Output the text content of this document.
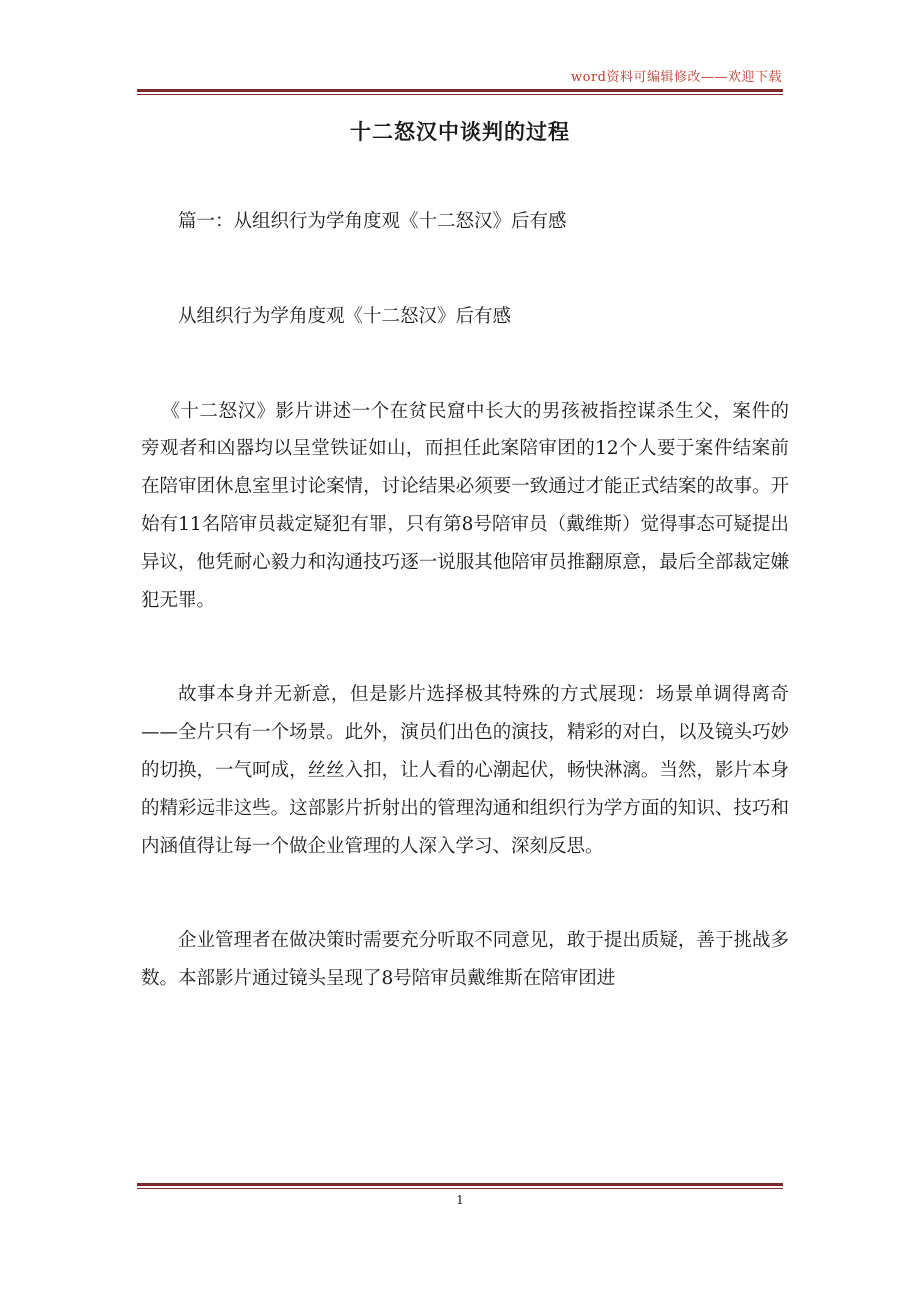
word资料可编辑修改——欢迎下载
十二怒汉中谈判的过程

篇一：从组织行为学角度观《十二怒汉》后有感

从组织行为学角度观《十二怒汉》后有感

《十二怒汉》影片讲述一个在贫民窟中长大的男孩被指控谋杀生父，案件的旁观者和凶器均以呈堂铁证如山，而担任此案陪审团的12个人要于案件结案前在陪审团休息室里讨论案情，讨论结果必须要一致通过才能正式结案的故事。开始有11名陪审员裁定疑犯有罪，只有第8号陪审员（戴维斯）觉得事态可疑提出异议，他凭耐心毅力和沟通技巧逐一说服其他陪审员推翻原意，最后全部裁定嫌犯无罪。

故事本身并无新意，但是影片选择极其特殊的方式展现：场景单调得离奇——全片只有一个场景。此外，演员们出色的演技，精彩的对白，以及镜头巧妙的切换，一气呵成，丝丝入扣，让人看的心潮起伏，畅快淋漓。当然，影片本身的精彩远非这些。这部影片折射出的管理沟通和组织行为学方面的知识、技巧和内涵值得让每一个做企业管理的人深入学习、深刻反思。

企业管理者在做决策时需要充分听取不同意见，敢于提出质疑，善于挑战多数。本部影片通过镜头呈现了8号陪审员戴维斯在陪审团进

1
